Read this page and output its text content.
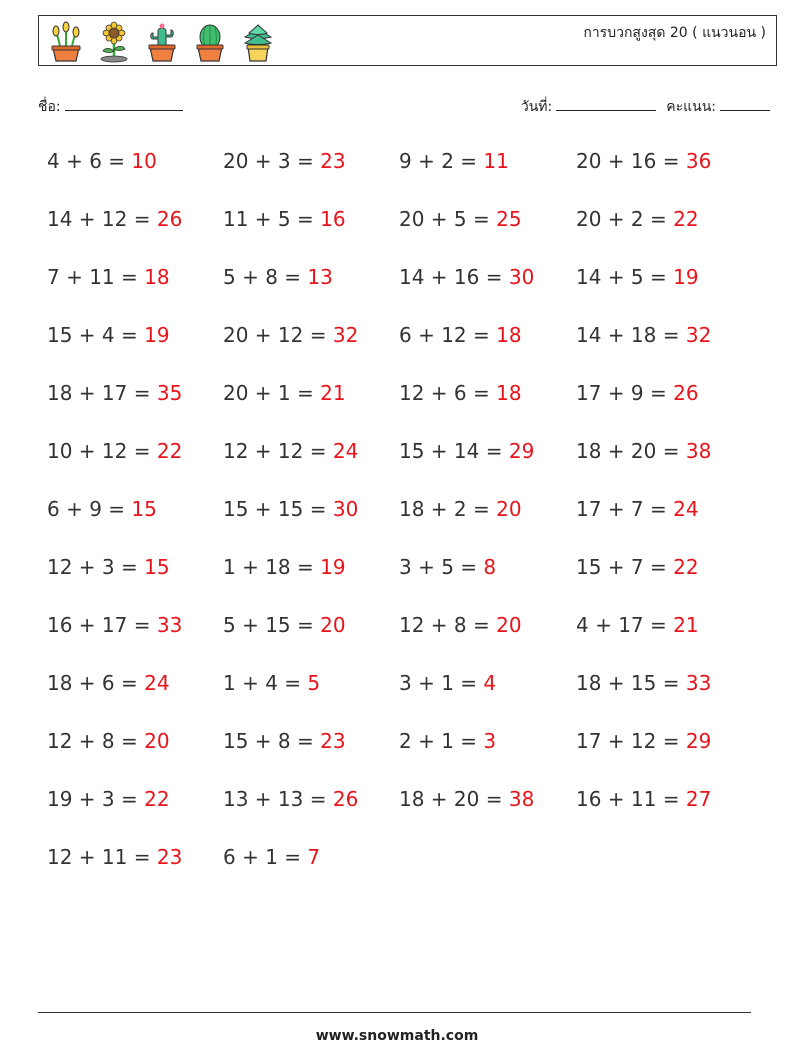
การบวกสูงสุด 20 ( แนวนอน )
ชื่อ:	วันที่:	คะแนน:
4 + 6 = 10	20 + 3 = 23	9 + 2 = 11	20 + 16 = 36
14 + 12 = 26	11 + 5 = 16	20 + 5 = 25	20 + 2 = 22
7 + 11 = 18	5 + 8 = 13	14 + 16 = 30	14 + 5 = 19
15 + 4 = 19	20 + 12 = 32	6 + 12 = 18	14 + 18 = 32
18 + 17 = 35	20 + 1 = 21	12 + 6 = 18	17 + 9 = 26
10 + 12 = 22	12 + 12 = 24	15 + 14 = 29	18 + 20 = 38
6 + 9 = 15	15 + 15 = 30	18 + 2 = 20	17 + 7 = 24
12 + 3 = 15	1 + 18 = 19	3 + 5 = 8	15 + 7 = 22
16 + 17 = 33	5 + 15 = 20	12 + 8 = 20	4 + 17 = 21
18 + 6 = 24	1 + 4 = 5	3 + 1 = 4	18 + 15 = 33
12 + 8 = 20	15 + 8 = 23	2 + 1 = 3	17 + 12 = 29
19 + 3 = 22	13 + 13 = 26	18 + 20 = 38	16 + 11 = 27
12 + 11 = 23	6 + 1 = 7
www.snowmath.com
